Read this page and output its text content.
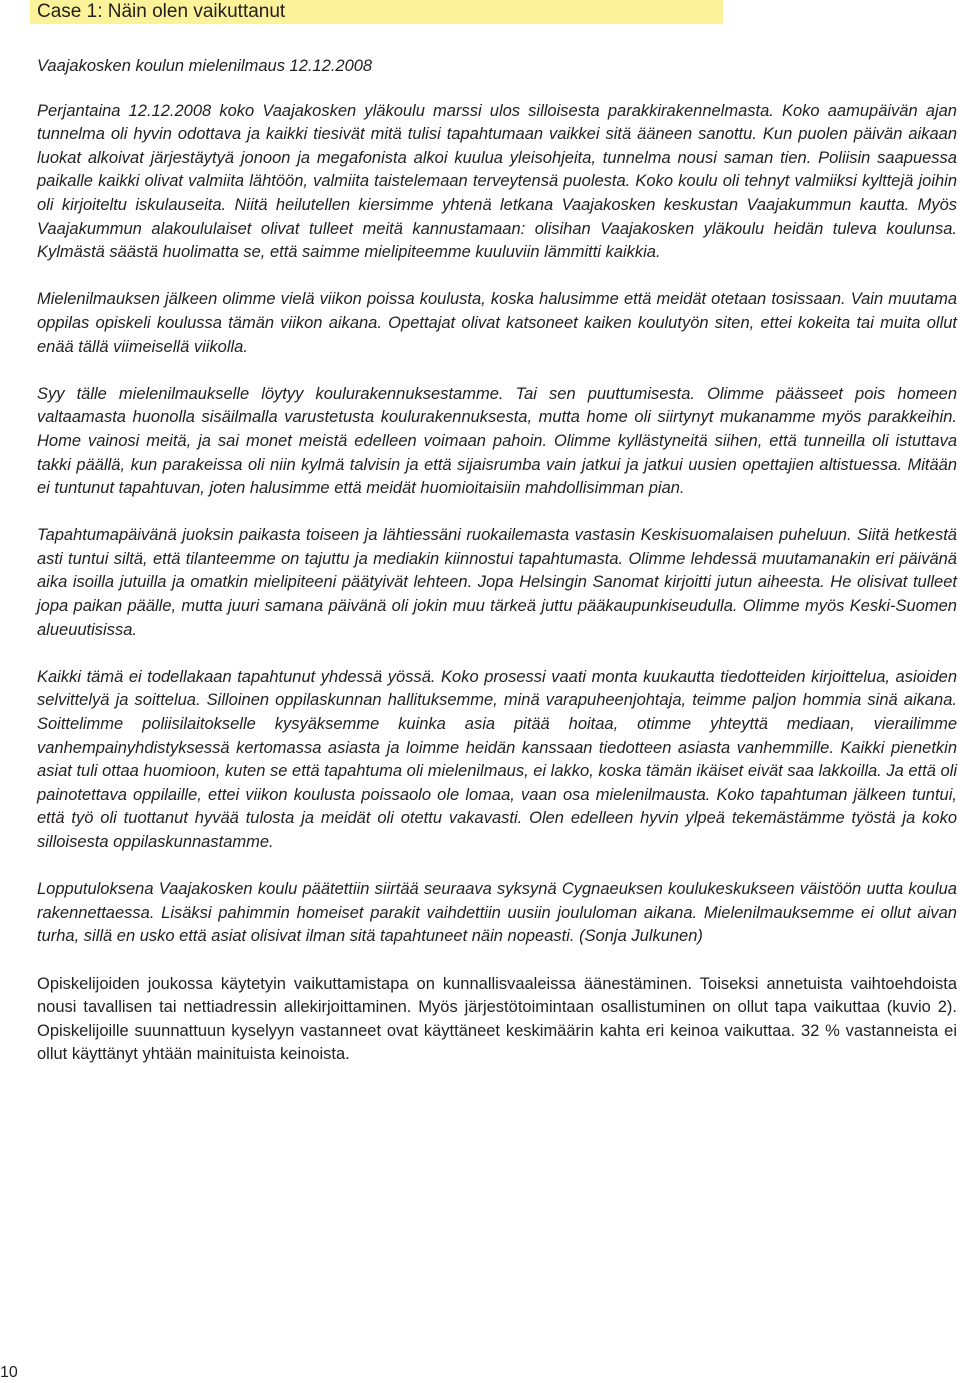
Case 1: Näin olen vaikuttanut

Vaajakosken koulun mielenilmaus 12.12.2008

Perjantaina 12.12.2008 koko Vaajakosken yläkoulu marssi ulos silloisesta parakkirakennelmasta. Koko aamupäivän ajan tunnelma oli hyvin odottava ja kaikki tiesivät mitä tulisi tapahtumaan vaikkei sitä ääneen sanottu. Kun puolen päivän aikaan luokat alkoivat järjestäytyä jonoon ja megafonista alkoi kuulua yleisohjeita, tunnelma nousi saman tien. Poliisin saapuessa paikalle kaikki olivat valmiita lähtöön, valmiita taistelemaan terveytensä puolesta. Koko koulu oli tehnyt valmiiksi kylttejä joihin oli kirjoiteltu iskulauseita. Niitä heilutellen kiersimme yhtenä letkana Vaajakosken keskustan Vaajakummun kautta. Myös Vaajakummun alakoululaiset olivat tulleet meitä kannustamaan: olisihan Vaajakosken yläkoulu heidän tuleva koulunsa. Kylmästä säästä huolimatta se, että saimme mielipiteemme kuuluviin lämmitti kaikkia.

Mielenilmauksen jälkeen olimme vielä viikon poissa koulusta, koska halusimme että meidät otetaan tosissaan. Vain muutama oppilas opiskeli koulussa tämän viikon aikana. Opettajat olivat katsoneet kaiken koulutyön siten, ettei kokeita tai muita ollut enää tällä viimeisellä viikolla.

Syy tälle mielenilmaukselle löytyy koulurakennuksestamme. Tai sen puuttumisesta. Olimme päässeet pois homeen valtaamasta huonolla sisäilmalla varustetusta koulurakennuksesta, mutta home oli siirtynyt mukanamme myös parakkeihin. Home vainosi meitä, ja sai monet meistä edelleen voimaan pahoin. Olimme kyllästyneitä siihen, että tunneilla oli istuttava takki päällä, kun parakeissa oli niin kylmä talvisin ja että sijaisrumba vain jatkui ja jatkui uusien opettajien altistuessa. Mitään ei tuntunut tapahtuvan, joten halusimme että meidät huomioitaisiin mahdollisimman pian.

Tapahtumapäivänä juoksin paikasta toiseen ja lähtiessäni ruokailemasta vastasin Keskisuomalaisen puheluun. Siitä hetkestä asti tuntui siltä, että tilanteemme on tajuttu ja mediakin kiinnostui tapahtumasta. Olimme lehdessä muutamanakin eri päivänä aika isoilla jutuilla ja omatkin mielipiteeni päätyivät lehteen. Jopa Helsingin Sanomat kirjoitti jutun aiheesta. He olisivat tulleet jopa paikan päälle, mutta juuri samana päivänä oli jokin muu tärkeä juttu pääkaupunkiseudulla. Olimme myös Keski-Suomen alueuutisissa.

Kaikki tämä ei todellakaan tapahtunut yhdessä yössä. Koko prosessi vaati monta kuukautta tiedotteiden kirjoittelua, asioiden selvittelyä ja soittelua. Silloinen oppilaskunnan hallituksemme, minä varapuheenjohtaja, teimme paljon hommia sinä aikana. Soittelimme poliisilaitokselle kysyäksemme kuinka asia pitää hoitaa, otimme yhteyttä mediaan, vierailimme vanhempainyhdistyksessä kertomassa asiasta ja loimme heidän kanssaan tiedotteen asiasta vanhemmille. Kaikki pienetkin asiat tuli ottaa huomioon, kuten se että tapahtuma oli mielenilmaus, ei lakko, koska tämän ikäiset eivät saa lakkoilla. Ja että oli painotettava oppilaille, ettei viikon koulusta poissaolo ole lomaa, vaan osa mielenilmausta. Koko tapahtuman jälkeen tuntui, että työ oli tuottanut hyvää tulosta ja meidät oli otettu vakavasti. Olen edelleen hyvin ylpeä tekemästämme työstä ja koko silloisesta oppilaskunnastamme.

Lopputuloksena Vaajakosken koulu päätettiin siirtää seuraava syksynä Cygnaeuksen koulukeskukseen väistöön uutta koulua rakennettaessa. Lisäksi pahimmin homeiset parakit vaihdettiin uusiin joululoman aikana. Mielenilmauksemme ei ollut aivan turha, sillä en usko että asiat olisivat ilman sitä tapahtuneet näin nopeasti. (Sonja Julkunen)

Opiskelijoiden joukossa käytetyin vaikuttamistapa on kunnallisvaaleissa äänestäminen. Toiseksi annetuista vaihtoehdoista nousi tavallisen tai nettiadressin allekirjoittaminen. Myös järjestötoimintaan osallistuminen on ollut tapa vaikuttaa (kuvio 2). Opiskelijoille suunnattuun kyselyyn vastanneet ovat käyttäneet keskimäärin kahta eri keinoa vaikuttaa. 32 % vastanneista ei ollut käyttänyt yhtään mainituista keinoista.

10
